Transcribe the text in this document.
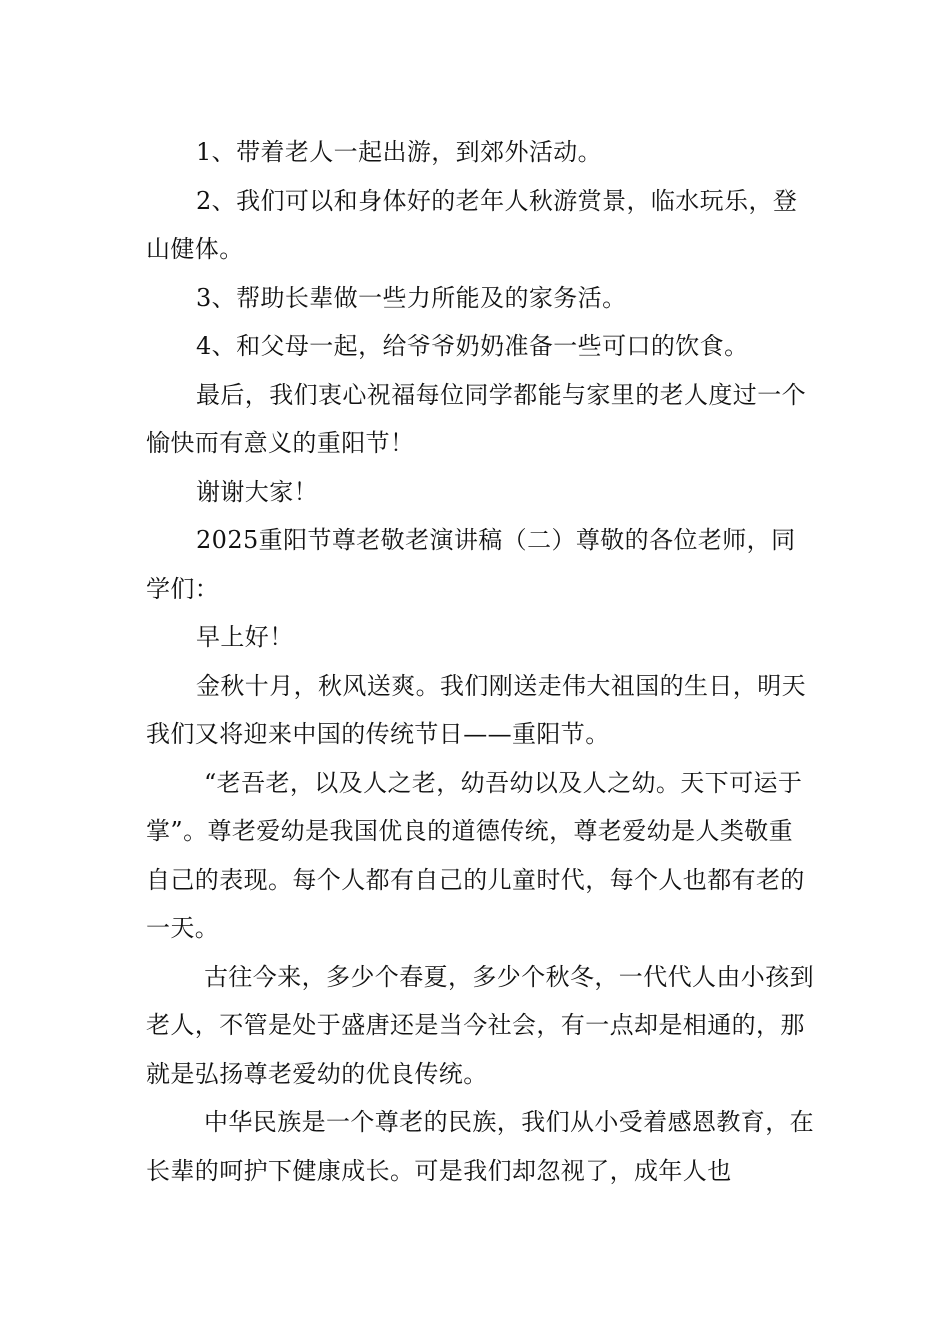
1、带着老人一起出游，到郊外活动。

2、我们可以和身体好的老年人秋游赏景，临水玩乐，登山健体。

3、帮助长辈做一些力所能及的家务活。

4、和父母一起，给爷爷奶奶准备一些可口的饮食。

最后，我们衷心祝福每位同学都能与家里的老人度过一个愉快而有意义的重阳节！

谢谢大家！

2025重阳节尊老敬老演讲稿（二）尊敬的各位老师，同学们：

早上好！

金秋十月，秋风送爽。我们刚送走伟大祖国的生日，明天我们又将迎来中国的传统节日——重阳节。

“老吾老，以及人之老，幼吾幼以及人之幼。天下可运于掌”。尊老爱幼是我国优良的道德传统，尊老爱幼是人类敬重自己的表现。每个人都有自己的儿童时代，每个人也都有老的一天。

古往今来，多少个春夏，多少个秋冬，一代代人由小孩到老人，不管是处于盛唐还是当今社会，有一点却是相通的，那就是弘扬尊老爱幼的优良传统。

中华民族是一个尊老的民族，我们从小受着感恩教育，在长辈的呵护下健康成长。可是我们却忽视了，成年人也
